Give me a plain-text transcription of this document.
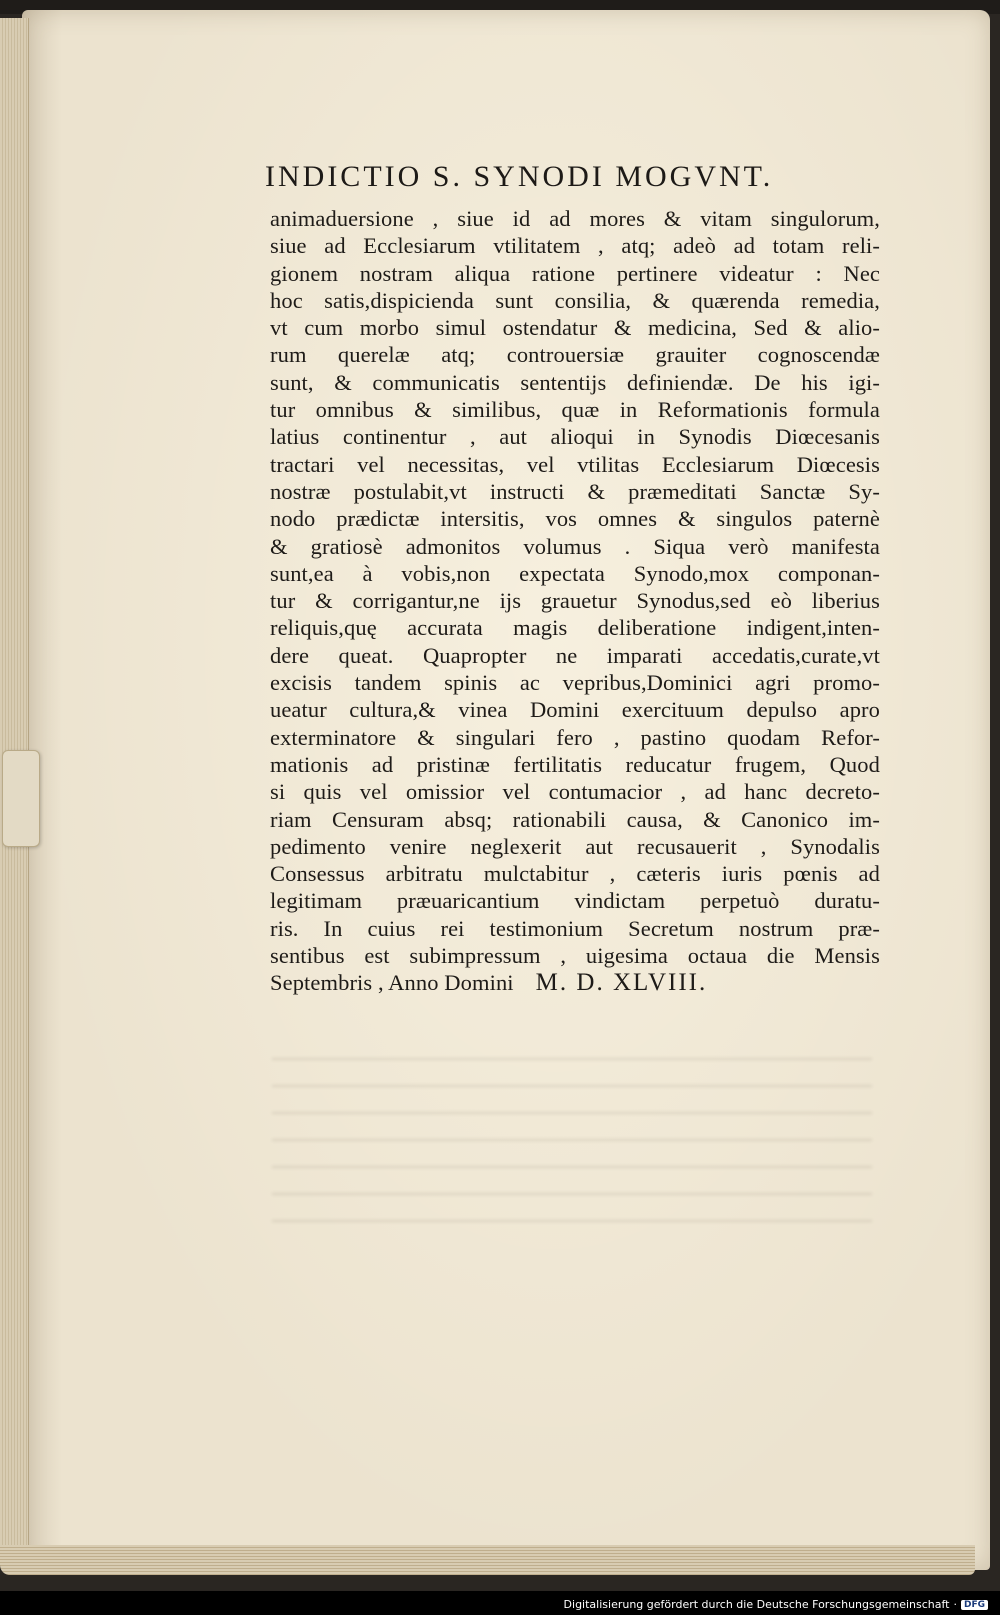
INDICTIO S. SYNODI MOGVNT.
animaduersione , siue id ad mores & vitam singulorum,
siue ad Ecclesiarum vtilitatem , atq; adeò ad totam reli-
gionem nostram aliqua ratione pertinere videatur : Nec
hoc satis,dispicienda sunt consilia, & quærenda remedia,
vt cum morbo simul ostendatur & medicina, Sed & alio-
rum querelæ atq; controuersiæ grauiter cognoscendæ
sunt, & communicatis sententijs definiendæ. De his igi-
tur omnibus & similibus, quæ in Reformationis formula
latius continentur , aut alioqui in Synodis Diœcesanis
tractari vel necessitas, vel vtilitas Ecclesiarum Diœcesis
nostræ postulabit,vt instructi & præmeditati Sanctæ Sy-
nodo prædictæ intersitis, vos omnes & singulos paternè
& gratiosè admonitos volumus . Siqua verò manifesta
sunt,ea à vobis,non expectata Synodo,mox componan-
tur & corrigantur,ne ijs grauetur Synodus,sed eò liberius
reliquis,quę accurata magis deliberatione indigent,inten-
dere queat. Quapropter ne imparati accedatis,curate,vt
excisis tandem spinis ac vepribus,Dominici agri promo-
ueatur cultura,& vinea Domini exercituum depulso apro
exterminatore & singulari fero , pastino quodam Refor-
mationis ad pristinæ fertilitatis reducatur frugem, Quod
si quis vel omissior vel contumacior , ad hanc decreto-
riam Censuram absq; rationabili causa, & Canonico im-
pedimento venire neglexerit aut recusauerit , Synodalis
Consessus arbitratu mulctabitur , cæteris iuris pœnis ad
legitimam præuaricantium vindictam perpetuò duratu-
ris. In cuius rei testimonium Secretum nostrum præ-
sentibus est subimpressum , uigesima octaua die Mensis
Septembris , Anno Domini M. D. XLVIII.
Digitalisierung gefördert durch die Deutsche Forschungsgemeinschaft · DFG
